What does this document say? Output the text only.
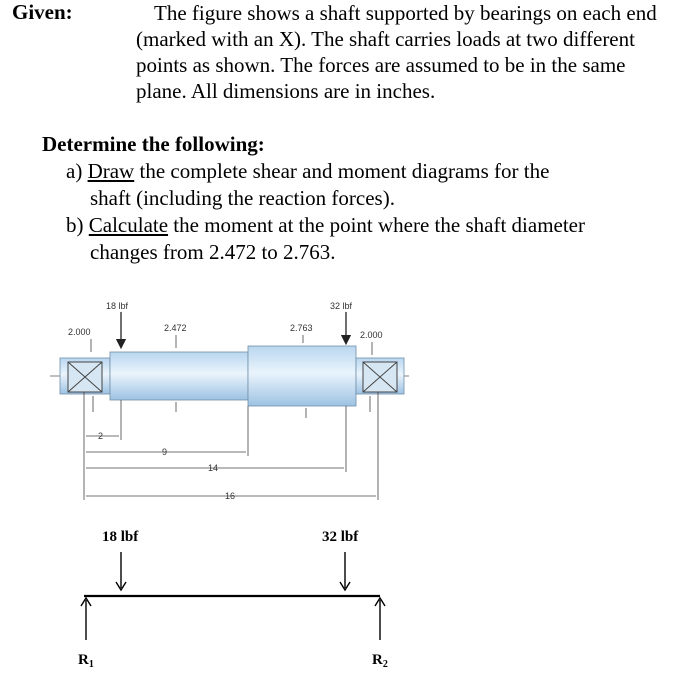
Given:	The figure shows a shaft supported by bearings on each end (marked with an X). The shaft carries loads at two different points as shown. The forces are assumed to be in the same plane. All dimensions are in inches.
Determine the following:
a) Draw the complete shear and moment diagrams for the
shaft (including the reaction forces).
b) Calculate the moment at the point where the shaft diameter
changes from 2.472 to 2.763.
18 lbf	32 lbf
2.000	2.472	2.763
2.000
2
9
14
16
18 lbf	32 lbf
$R_1$	$R_2$
